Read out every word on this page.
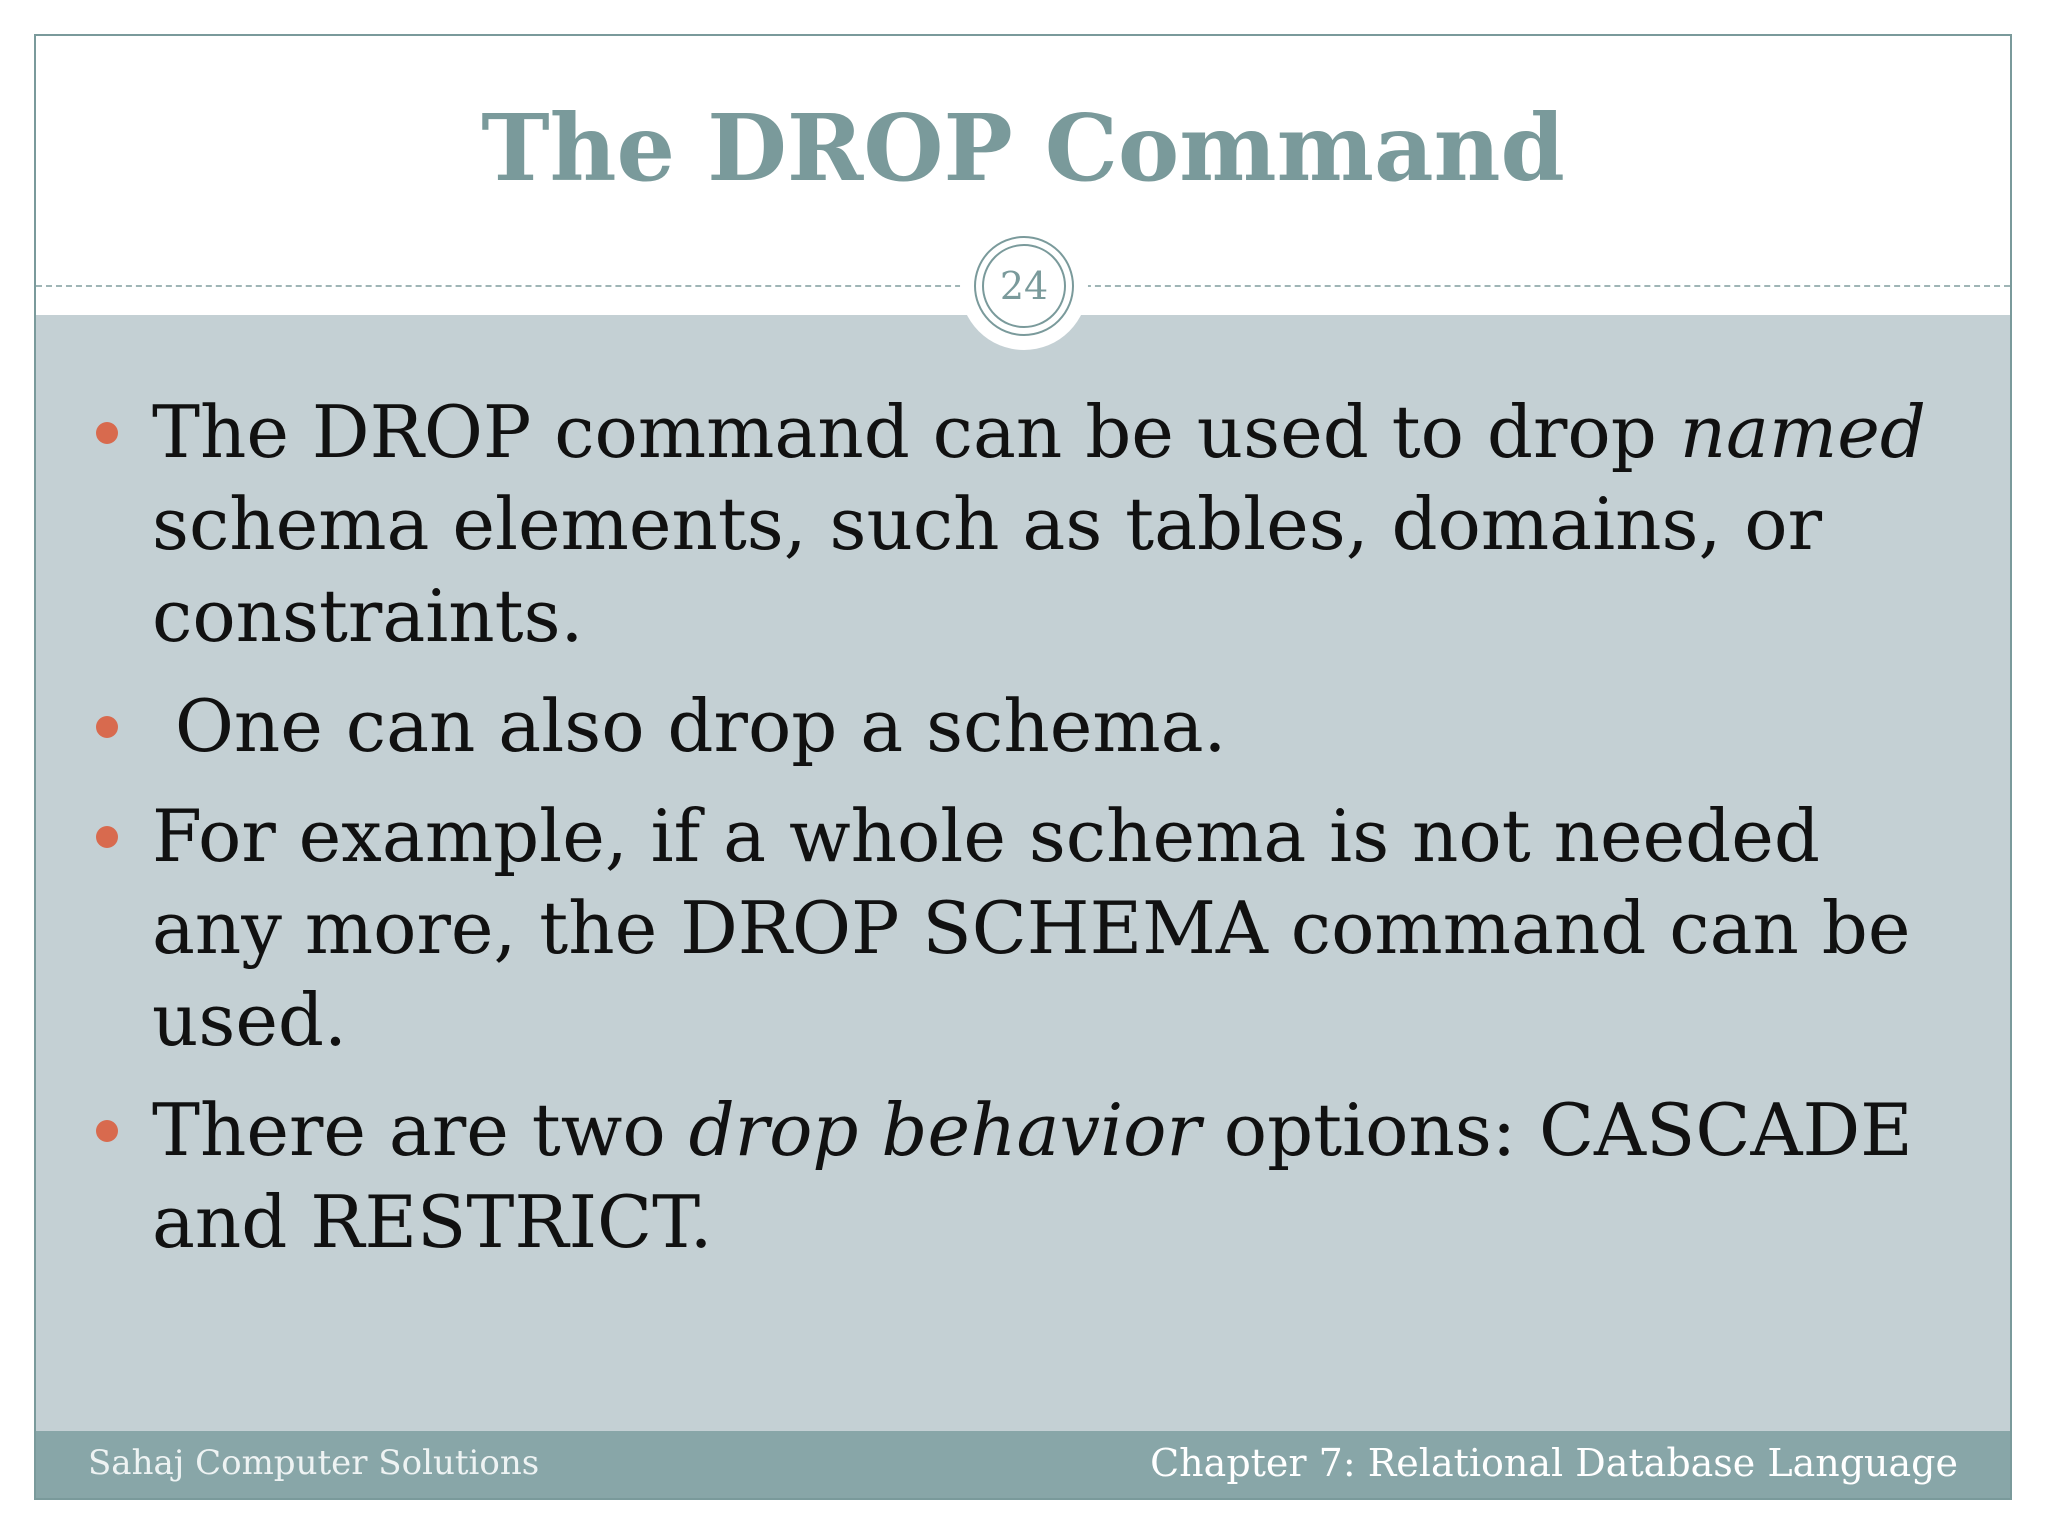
The DROP Command
24
The DROP command can be used to drop named schema elements, such as tables, domains, or constraints.
One can also drop a schema.
For example, if a whole schema is not needed any more, the DROP SCHEMA command can be used.
There are two drop behavior options: CASCADE and RESTRICT.
Sahaj Computer Solutions	Chapter 7: Relational Database Language
